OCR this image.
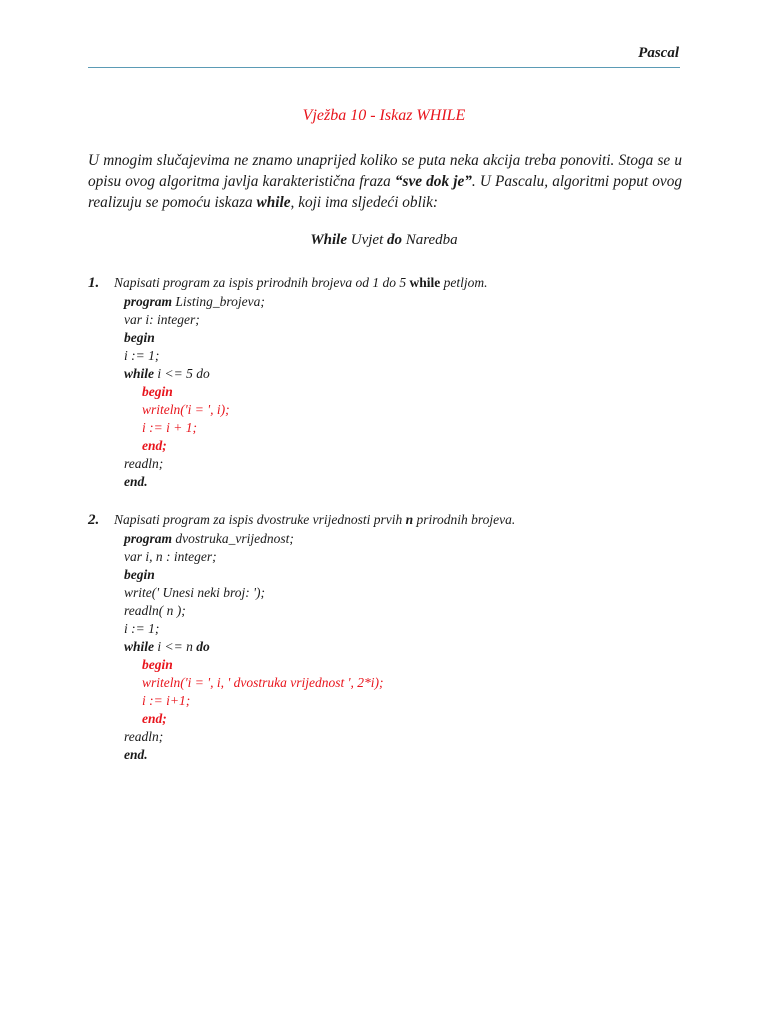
Pascal
Vježba 10 - Iskaz WHILE
U mnogim slučajevima ne znamo unaprijed koliko se puta neka akcija treba ponoviti. Stoga se u opisu ovog algoritma javlja karakteristična fraza “sve dok je”. U Pascalu, algoritmi poput ovog realizuju se pomoću iskaza while, koji ima sljedeći oblik:
While Uvjet do Naredba
1.	Napisati program za ispis prirodnih brojeva od 1 do 5 while petljom.
program Listing_brojeva;
var i: integer;
begin
i := 1;
while i <= 5 do
begin
writeln('i = ', i);
i := i + 1;
end;
readln;
end.
2.	Napisati program za ispis dvostruke vrijednosti prvih n prirodnih brojeva.
program dvostruka_vrijednost;
var i, n : integer;
begin
write(' Unesi neki broj: ');
readln( n );
i := 1;
while i <= n do
begin
writeln('i = ', i, ' dvostruka vrijednost ', 2*i);
i := i+1;
end;
readln;
end.
